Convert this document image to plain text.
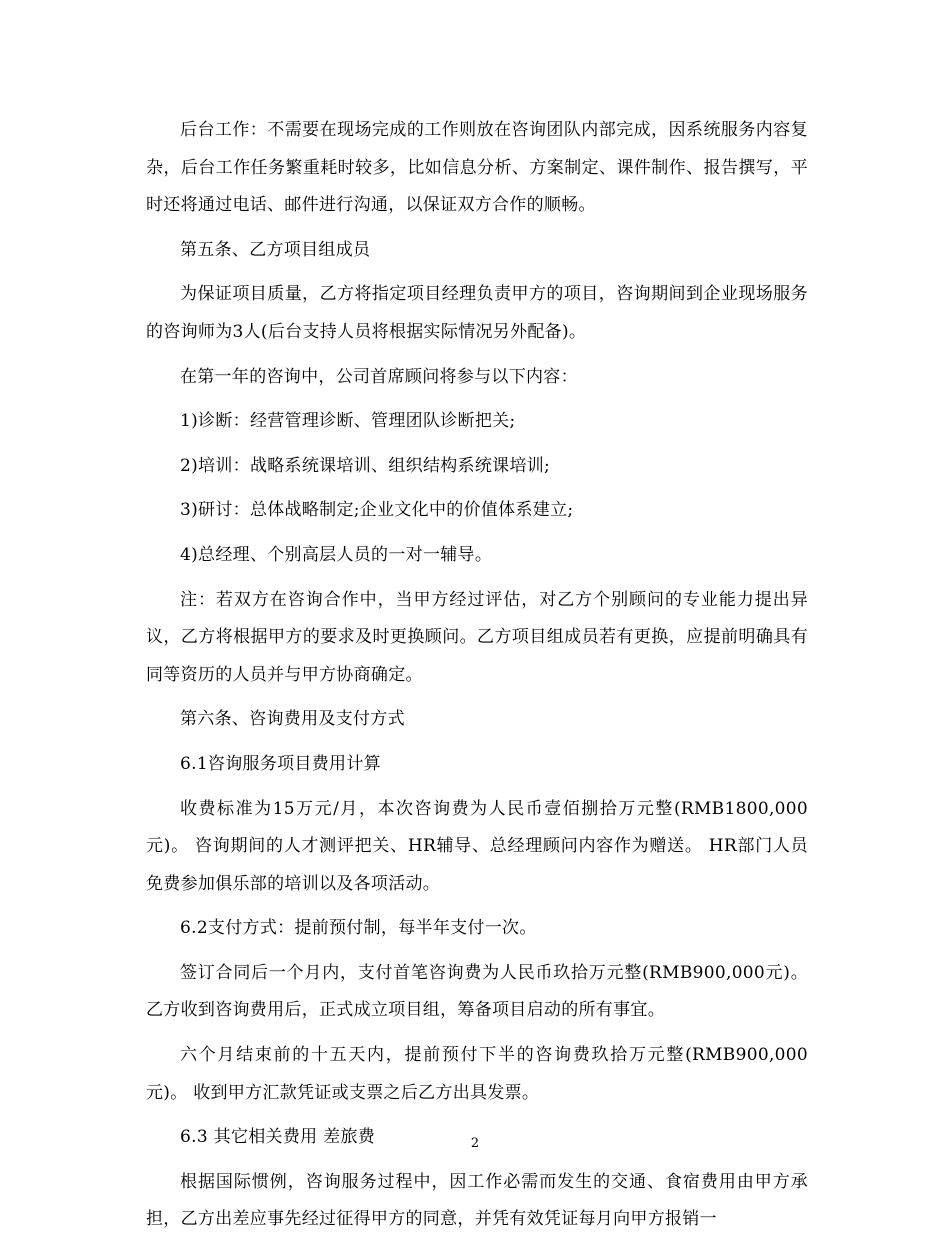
后台工作：不需要在现场完成的工作则放在咨询团队内部完成，因系统服务内容复杂，后台工作任务繁重耗时较多，比如信息分析、方案制定、课件制作、报告撰写，平时还将通过电话、邮件进行沟通，以保证双方合作的顺畅。

第五条、乙方项目组成员

为保证项目质量，乙方将指定项目经理负责甲方的项目，咨询期间到企业现场服务的咨询师为3人(后台支持人员将根据实际情况另外配备)。

在第一年的咨询中，公司首席顾问将参与以下内容：

1)诊断：经营管理诊断、管理团队诊断把关;

2)培训：战略系统课培训、组织结构系统课培训;

3)研讨：总体战略制定;企业文化中的价值体系建立;

4)总经理、个别高层人员的一对一辅导。

注：若双方在咨询合作中，当甲方经过评估，对乙方个别顾问的专业能力提出异议，乙方将根据甲方的要求及时更换顾问。乙方项目组成员若有更换，应提前明确具有同等资历的人员并与甲方协商确定。

第六条、咨询费用及支付方式

6.1咨询服务项目费用计算

收费标准为15万元/月，本次咨询费为人民币壹佰捌拾万元整(RMB1800,000元)。 咨询期间的人才测评把关、HR辅导、总经理顾问内容作为赠送。 HR部门人员免费参加俱乐部的培训以及各项活动。

6.2支付方式：提前预付制，每半年支付一次。

签订合同后一个月内，支付首笔咨询费为人民币玖拾万元整(RMB900,000元)。乙方收到咨询费用后，正式成立项目组，筹备项目启动的所有事宜。

六个月结束前的十五天内，提前预付下半的咨询费玖拾万元整(RMB900,000元)。 收到甲方汇款凭证或支票之后乙方出具发票。

6.3 其它相关费用 差旅费

根据国际惯例，咨询服务过程中，因工作必需而发生的交通、食宿费用由甲方承担，乙方出差应事先经过征得甲方的同意，并凭有效凭证每月向甲方报销一

2
